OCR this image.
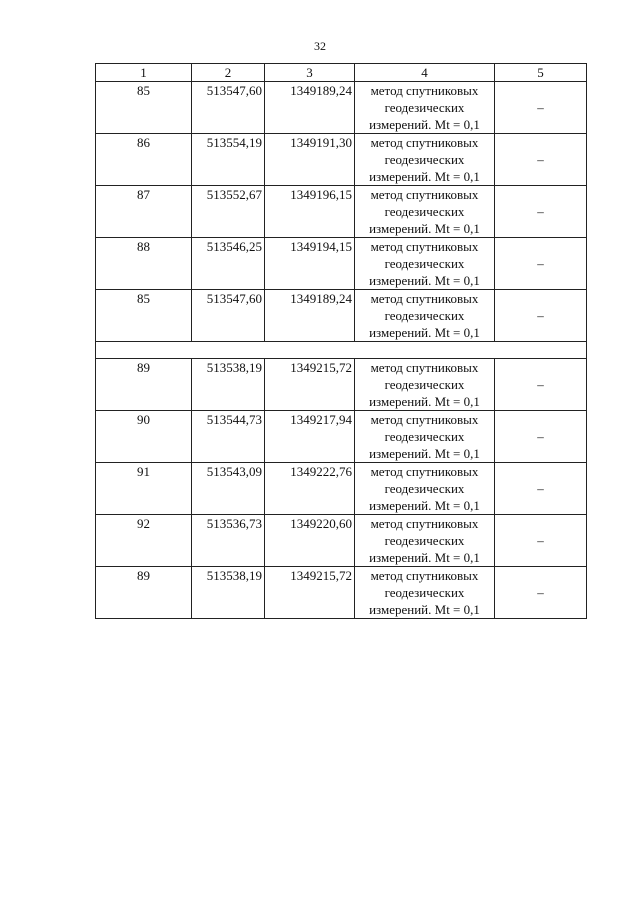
32
1	2	3	4	5
85	513547,60	1349189,24	метод спутниковых геодезических измерений. Mt = 0,1	–
86	513554,19	1349191,30	метод спутниковых геодезических измерений. Mt = 0,1	–
87	513552,67	1349196,15	метод спутниковых геодезических измерений. Mt = 0,1	–
88	513546,25	1349194,15	метод спутниковых геодезических измерений. Mt = 0,1	–
85	513547,60	1349189,24	метод спутниковых геодезических измерений. Mt = 0,1	–

89	513538,19	1349215,72	метод спутниковых геодезических измерений. Mt = 0,1	–
90	513544,73	1349217,94	метод спутниковых геодезических измерений. Mt = 0,1	–
91	513543,09	1349222,76	метод спутниковых геодезических измерений. Mt = 0,1	–
92	513536,73	1349220,60	метод спутниковых геодезических измерений. Mt = 0,1	–
89	513538,19	1349215,72	метод спутниковых геодезических измерений. Mt = 0,1	–
